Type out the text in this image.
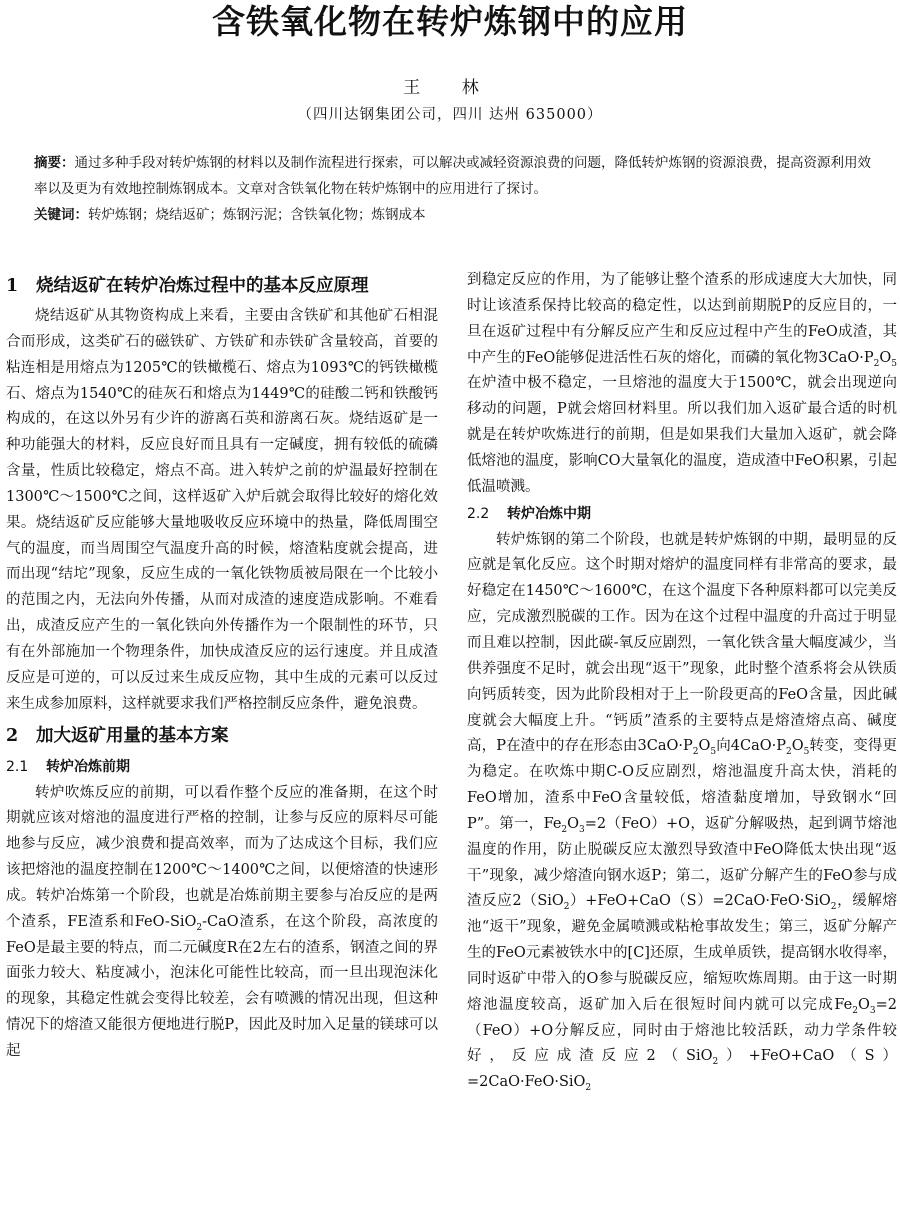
含铁氧化物在转炉炼钢中的应用
王 林
（四川达钢集团公司，四川 达州 635000）

摘要：通过多种手段对转炉炼钢的材料以及制作流程进行探索，可以解决或减轻资源浪费的问题，降低转炉炼钢的资源浪费，提高资源利用效率以及更为有效地控制炼钢成本。文章对含铁氧化物在转炉炼钢中的应用进行了探讨。

关键词：转炉炼钢；烧结返矿；炼钢污泥；含铁氧化物；炼钢成本

1 烧结返矿在转炉冶炼过程中的基本反应原理

烧结返矿从其物资构成上来看，主要由含铁矿和其他矿石相混合而形成，这类矿石的磁铁矿、方铁矿和赤铁矿含量较高，首要的粘连相是用熔点为1205℃的铁橄榄石、熔点为1093℃的钙铁橄榄石、熔点为1540℃的硅灰石和熔点为1449℃的硅酸二钙和铁酸钙构成的，在这以外另有少许的游离石英和游离石灰。烧结返矿是一种功能强大的材料，反应良好而且具有一定碱度，拥有较低的硫磷含量，性质比较稳定，熔点不高。进入转炉之前的炉温最好控制在1300℃～1500℃之间，这样返矿入炉后就会取得比较好的熔化效果。烧结返矿反应能够大量地吸收反应环境中的热量，降低周围空气的温度，而当周围空气温度升高的时候，熔渣粘度就会提高，进而出现“结坨”现象，反应生成的一氧化铁物质被局限在一个比较小的范围之内，无法向外传播，从而对成渣的速度造成影响。不难看出，成渣反应产生的一氧化铁向外传播作为一个限制性的环节，只有在外部施加一个物理条件，加快成渣反应的运行速度。并且成渣反应是可逆的，可以反过来生成反应物，其中生成的元素可以反过来生成参加原料，这样就要求我们严格控制反应条件，避免浪费。

2 加大返矿用量的基本方案
2.1 转炉冶炼前期

转炉吹炼反应的前期，可以看作整个反应的准备期，在这个时期就应该对熔池的温度进行严格的控制，让参与反应的原料尽可能地参与反应，减少浪费和提高效率，而为了达成这个目标，我们应该把熔池的温度控制在1200℃～1400℃之间，以便熔渣的快速形成。转炉冶炼第一个阶段，也就是冶炼前期主要参与冶反应的是两个渣系，FE渣系和FeO-SiO$_2$-CaO渣系，在这个阶段，高浓度的FeO是最主要的特点，而二元碱度R在2左右的渣系，钢渣之间的界面张力较大、粘度减小，泡沫化可能性比较高，而一旦出现泡沫化的现象，其稳定性就会变得比较差，会有喷溅的情况出现，但这种情况下的熔渣又能很方便地进行脱P，因此及时加入足量的镁球可以起

到稳定反应的作用，为了能够让整个渣系的形成速度大大加快，同时让该渣系保持比较高的稳定性，以达到前期脱P的反应目的，一旦在返矿过程中有分解反应产生和反应过程中产生的FeO成渣，其中产生的FeO能够促进活性石灰的熔化，而磷的氧化物$3CaO\cdot P_2O_5$在炉渣中极不稳定，一旦熔池的温度大于1500℃，就会出现逆向移动的问题，P就会熔回材料里。所以我们加入返矿最合适的时机就是在转炉吹炼进行的前期，但是如果我们大量加入返矿，就会降低熔池的温度，影响CO大量氧化的温度，造成渣中FeO积累，引起低温喷溅。

2.2 转炉冶炼中期

转炉炼钢的第二个阶段，也就是转炉炼钢的中期，最明显的反应就是氧化反应。这个时期对熔炉的温度同样有非常高的要求，最好稳定在1450℃～1600℃，在这个温度下各种原料都可以完美反应，完成激烈脱碳的工作。因为在这个过程中温度的升高过于明显而且难以控制，因此碳-氧反应剧烈，一氧化铁含量大幅度减少，当供养强度不足时，就会出现“返干”现象，此时整个渣系将会从铁质向钙质转变，因为此阶段相对于上一阶段更高的FeO含量，因此碱度就会大幅度上升。“钙质”渣系的主要特点是熔渣熔点高、碱度高，P在渣中的存在形态由$3CaO\cdot P_2O_5$向$4CaO\cdot P_2O_5$转变，变得更为稳定。在吹炼中期C-O反应剧烈，熔池温度升高太快，消耗的FeO增加，渣系中FeO含量较低，熔渣黏度增加，导致钢水“回P”。第一，$Fe_2O_3=2(FeO)+O$，返矿分解吸热，起到调节熔池温度的作用，防止脱碳反应太激烈导致渣中FeO降低太快出现“返干”现象，减少熔渣向钢水返P；第二，返矿分解产生的FeO参与成渣反应2（SiO$_2$）+FeO+CaO（S）=2CaO·FeO·SiO$_2$，缓解熔池“返干”现象，避免金属喷溅或粘枪事故发生；第三，返矿分解产生的FeO元素被铁水中的[C]还原，生成单质铁，提高钢水收得率，同时返矿中带入的O参与脱碳反应，缩短吹炼周期。由于这一时期熔池温度较高，返矿加入后在很短时间内就可以完成$Fe_2O_3=2(FeO)+O$分解反应，同时由于熔池比较活跃，动力学条件较好，反应成渣反应2（SiO$_2$）+FeO+CaO（S）=2CaO·FeO·SiO$_2$
